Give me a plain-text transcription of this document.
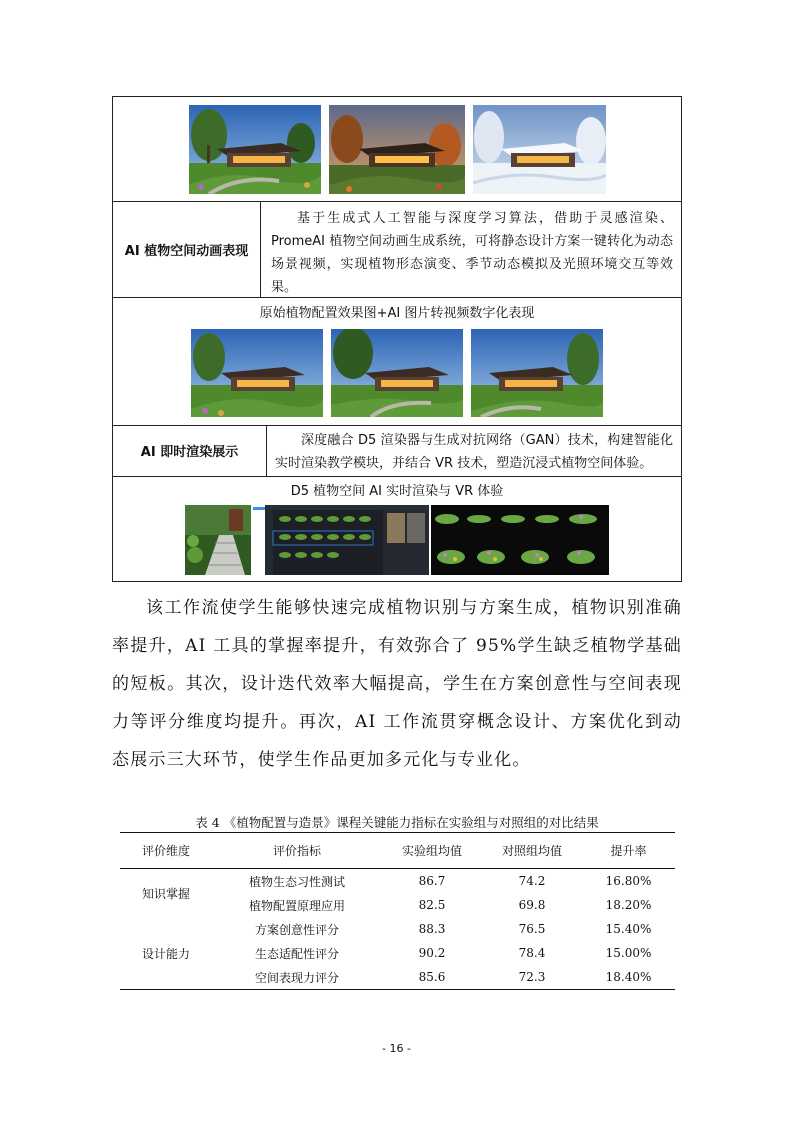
AI 植物空间动画表现
基于生成式人工智能与深度学习算法，借助于灵感渲染、PromeAI 植物空间动画生成系统，可将静态设计方案一键转化为动态场景视频，实现植物形态演变、季节动态模拟及光照环境交互等效果。
原始植物配置效果图+AI 图片转视频数字化表现
AI 即时渲染展示
深度融合 D5 渲染器与生成对抗网络（GAN）技术，构建智能化实时渲染教学模块，并结合 VR 技术，塑造沉浸式植物空间体验。
D5 植物空间 AI 实时渲染与 VR 体验

该工作流使学生能够快速完成植物识别与方案生成，植物识别准确率提升，AI 工具的掌握率提升，有效弥合了 95%学生缺乏植物学基础的短板。其次，设计迭代效率大幅提高，学生在方案创意性与空间表现力等评分维度均提升。再次，AI 工作流贯穿概念设计、方案优化到动态展示三大环节，使学生作品更加多元化与专业化。

表 4 《植物配置与造景》课程关键能力指标在实验组与对照组的对比结果
评价维度	评价指标	实验组均值	对照组均值	提升率
知识掌握	植物生态习性测试	86.7	74.2	16.80%
	植物配置原理应用	82.5	69.8	18.20%
设计能力	方案创意性评分	88.3	76.5	15.40%
	生态适配性评分	90.2	78.4	15.00%
	空间表现力评分	85.6	72.3	18.40%
- 16 -
